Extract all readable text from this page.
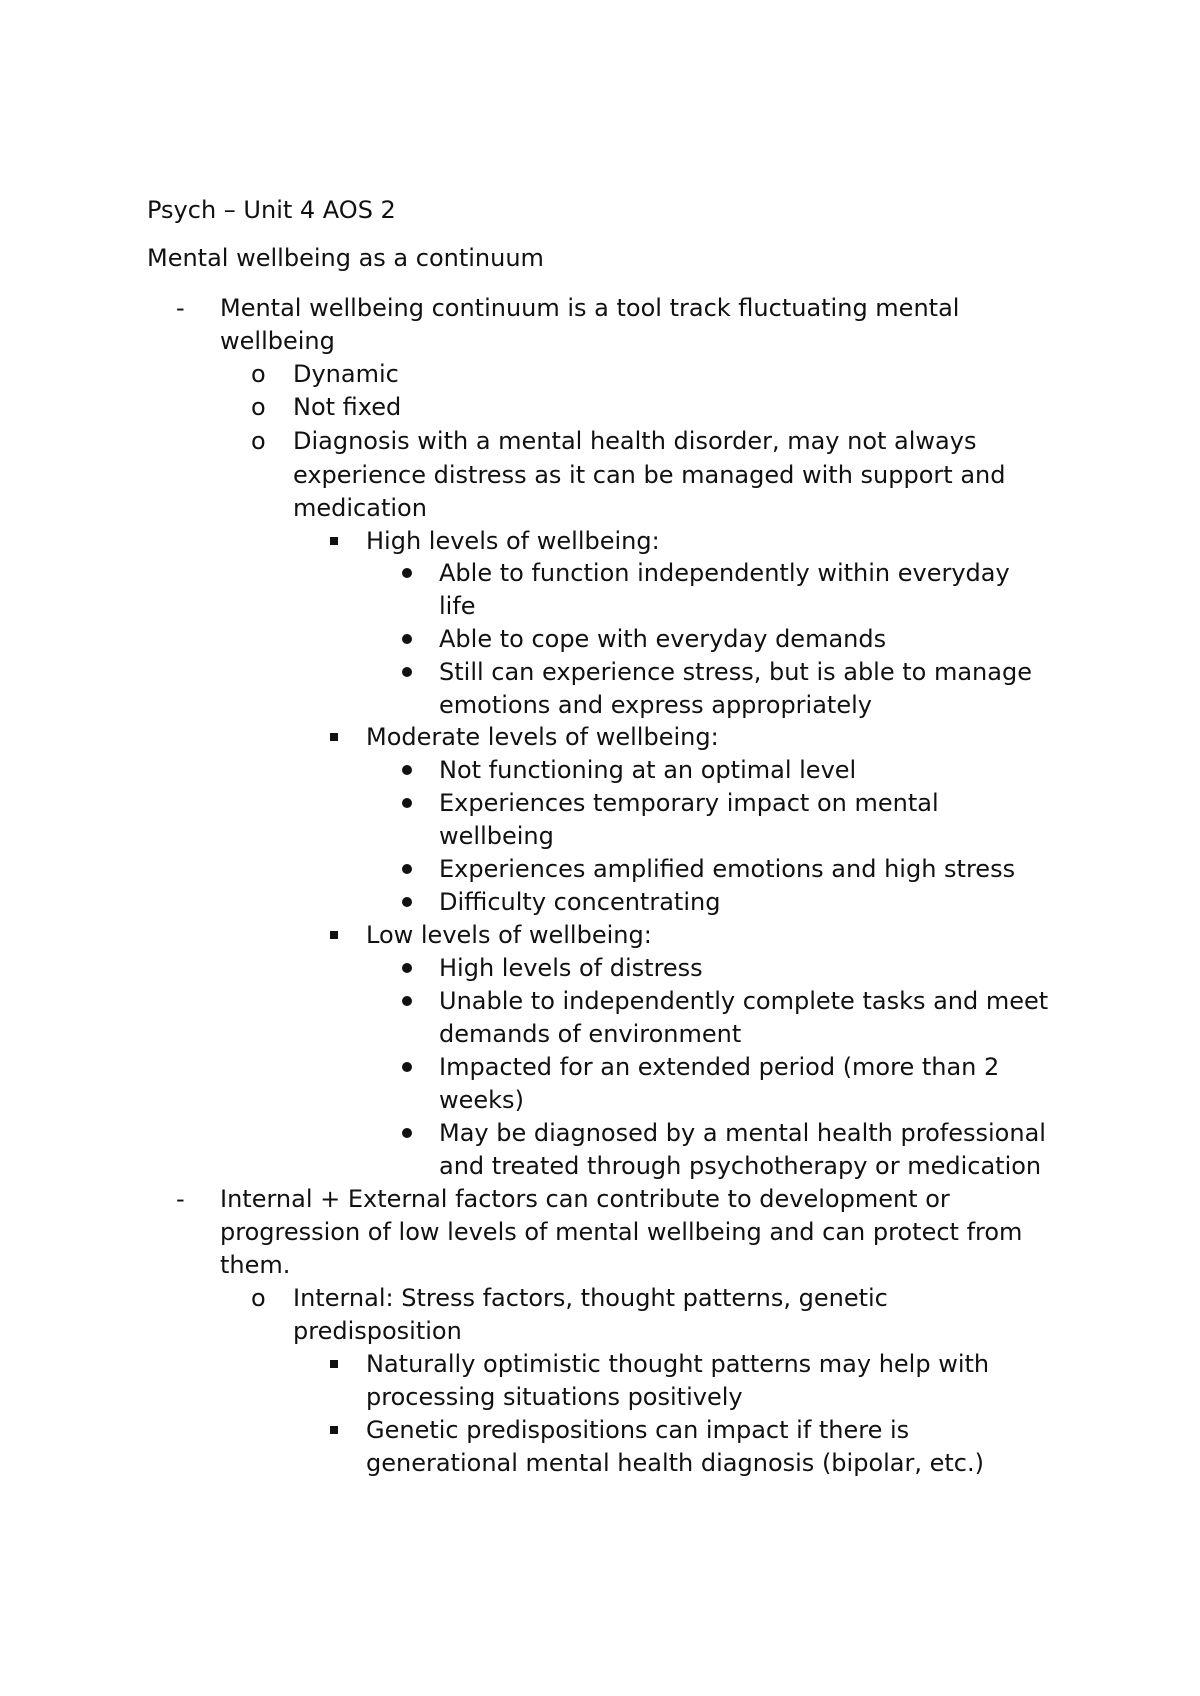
Psych – Unit 4 AOS 2
Mental wellbeing as a continuum
- Mental wellbeing continuum is a tool track fluctuating mental
wellbeing
o Dynamic
o Not fixed
o Diagnosis with a mental health disorder, may not always
experience distress as it can be managed with support and
medication
High levels of wellbeing:
Able to function independently within everyday
life
Able to cope with everyday demands
Still can experience stress, but is able to manage
emotions and express appropriately
Moderate levels of wellbeing:
Not functioning at an optimal level
Experiences temporary impact on mental
wellbeing
Experiences amplified emotions and high stress
Difficulty concentrating
Low levels of wellbeing:
High levels of distress
Unable to independently complete tasks and meet
demands of environment
Impacted for an extended period (more than 2
weeks)
May be diagnosed by a mental health professional
and treated through psychotherapy or medication
- Internal + External factors can contribute to development or
progression of low levels of mental wellbeing and can protect from
them.
o Internal: Stress factors, thought patterns, genetic
predisposition
Naturally optimistic thought patterns may help with
processing situations positively
Genetic predispositions can impact if there is
generational mental health diagnosis (bipolar, etc.)
